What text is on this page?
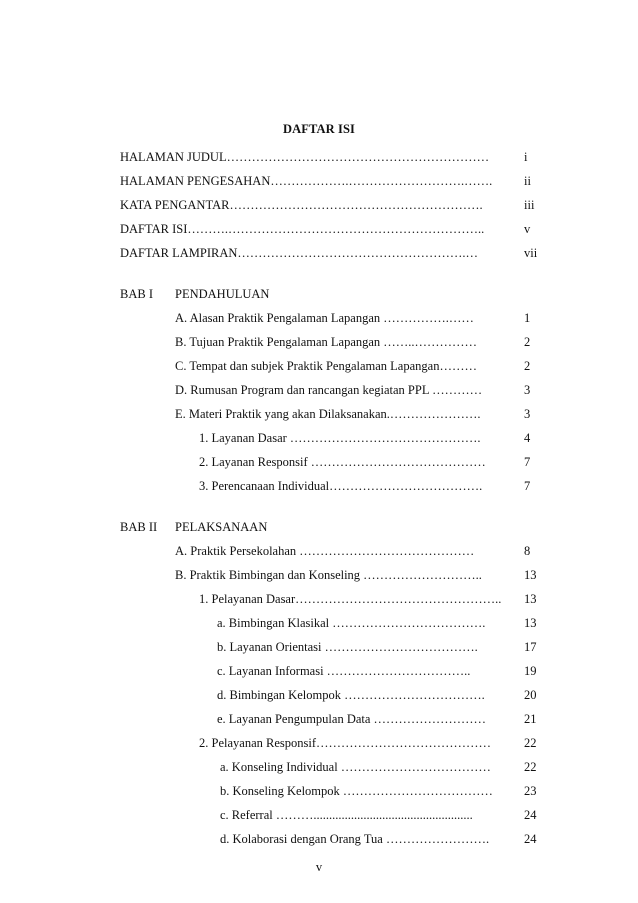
DAFTAR ISI
HALAMAN JUDUL………………………………………………………	i
HALAMAN PENGESAHAN……………….……………………….…….	ii
KATA PENGANTAR…………………………………………………….	iii
DAFTAR ISI……….……………………………………………………..	v
DAFTAR LAMPIRAN……………………………………………….…	vii
BAB I PENDAHULUAN
A. Alasan Praktik Pengalaman Lapangan …………….……	1
B. Tujuan Praktik Pengalaman Lapangan ……..……………	2
C. Tempat dan subjek Praktik Pengalaman Lapangan………	2
D. Rumusan Program dan rancangan kegiatan PPL …………	3
E. Materi Praktik yang akan Dilaksanakan.………………….	3
1. Layanan Dasar ……………………………………….	4
2. Layanan Responsif ……………………………………	7
3. Perencanaan Individual……………………………….	7
BAB II PELAKSANAAN
A. Praktik Persekolahan ……………………………………	8
B. Praktik Bimbingan dan Konseling ………………………..	13
1. Pelayanan Dasar…………………………………………..	13
a. Bimbingan Klasikal ……………………………….	13
b. Layanan Orientasi ……………………………….	17
c. Layanan Informasi ……………………………..	19
d. Bimbingan Kelompok …………………………….	20
e. Layanan Pengumpulan Data ………………………	21
2. Pelayanan Responsif……………………………………	22
a. Konseling Individual ………………………………	22
b. Konseling Kelompok ………………………………	23
c. Referral ………...................................................	24
d. Kolaborasi dengan Orang Tua …………………….	24
v
